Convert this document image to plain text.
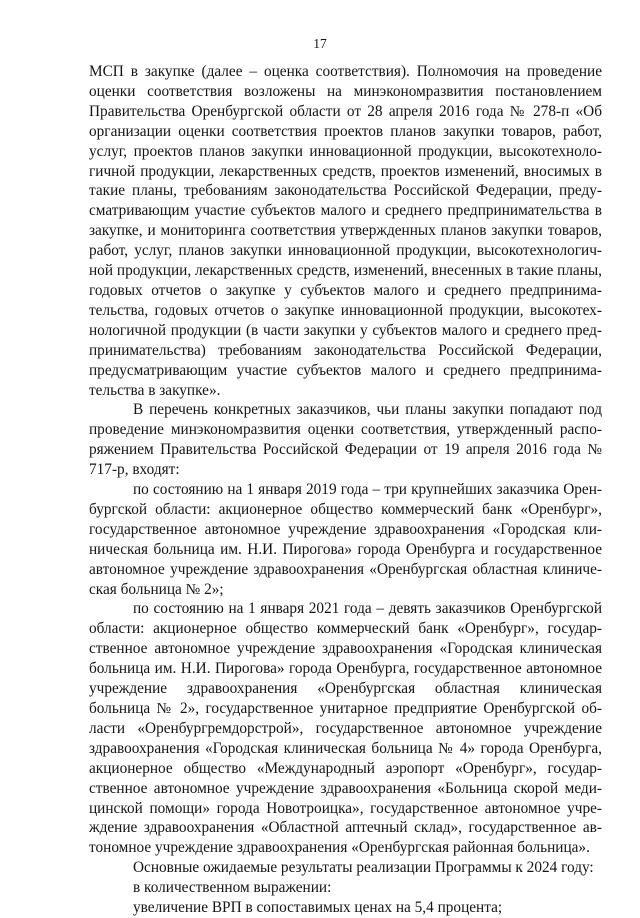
17

МСП в закупке (далее – оценка соответствия). Полномочия на проведение оценки соответствия возложены на минэкономразвития постановлением Правительства Оренбургской области от 28 апреля 2016 года № 278-п «Об организации оценки соответствия проектов планов закупки товаров, работ, услуг, проектов планов закупки инновационной продукции, высокотехнологичной продукции, лекарственных средств, проектов изменений, вносимых в такие планы, требованиям законодательства Российской Федерации, предусматривающим участие субъектов малого и среднего предпринимательства в закупке, и мониторинга соответствия утвержденных планов закупки товаров, работ, услуг, планов закупки инновационной продукции, высокотехнологичной продукции, лекарственных средств, изменений, внесенных в такие планы, годовых отчетов о закупке у субъектов малого и среднего предпринимательства, годовых отчетов о закупке инновационной продукции, высокотехнологичной продукции (в части закупки у субъектов малого и среднего предпринимательства) требованиям законодательства Российской Федерации, предусматривающим участие субъектов малого и среднего предпринимательства в закупке».

В перечень конкретных заказчиков, чьи планы закупки попадают под проведение минэкономразвития оценки соответствия, утвержденный распоряжением Правительства Российской Федерации от 19 апреля 2016 года № 717-р, входят:

по состоянию на 1 января 2019 года – три крупнейших заказчика Оренбургской области: акционерное общество коммерческий банк «Оренбург», государственное автономное учреждение здравоохранения «Городская клиническая больница им. Н.И. Пирогова» города Оренбурга и государственное автономное учреждение здравоохранения «Оренбургская областная клиническая больница № 2»;

по состоянию на 1 января 2021 года – девять заказчиков Оренбургской области: акционерное общество коммерческий банк «Оренбург», государственное автономное учреждение здравоохранения «Городская клиническая больница им. Н.И. Пирогова» города Оренбурга, государственное автономное учреждение здравоохранения «Оренбургская областная клиническая больница № 2», государственное унитарное предприятие Оренбургской области «Оренбургремдорстрой», государственное автономное учреждение здравоохранения «Городская клиническая больница № 4» города Оренбурга, акционерное общество «Международный аэропорт «Оренбург», государственное автономное учреждение здравоохранения «Больница скорой медицинской помощи» города Новотроицка», государственное автономное учреждение здравоохранения «Областной аптечный склад», государственное автономное учреждение здравоохранения «Оренбургская районная больница».

Основные ожидаемые результаты реализации Программы к 2024 году:

в количественном выражении:

увеличение ВРП в сопоставимых ценах на 5,4 процента;
